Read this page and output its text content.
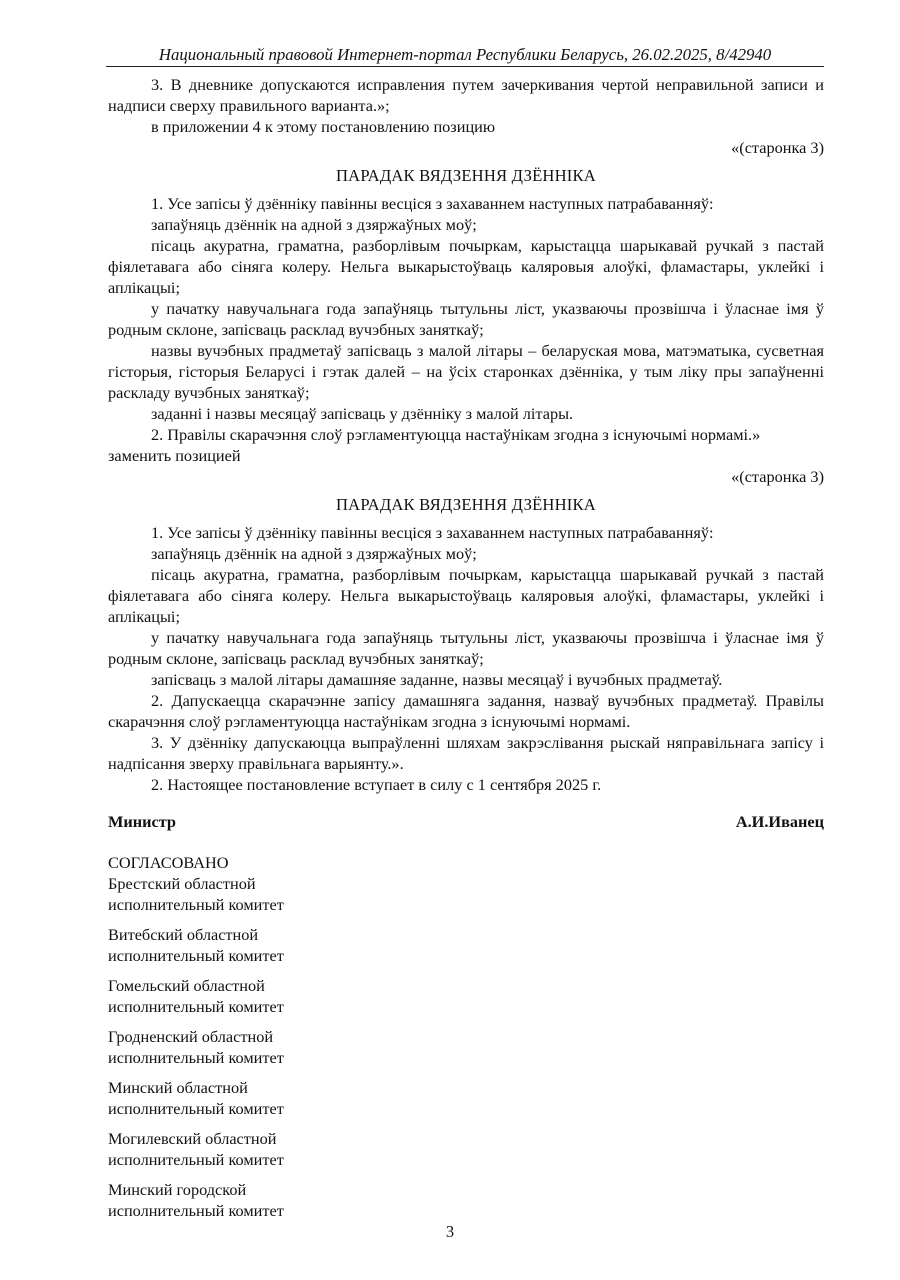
Национальный правовой Интернет-портал Республики Беларусь, 26.02.2025, 8/42940

3. В дневнике допускаются исправления путем зачеркивания чертой неправильной записи и надписи сверху правильного варианта.»;

в приложении 4 к этому постановлению позицию

«(старонка 3)

ПАРАДАК ВЯДЗЕННЯ ДЗЁННІКА

1. Усе запісы ў дзённіку павінны весціся з захаваннем наступных патрабаванняў:

запаўняць дзённік на адной з дзяржаўных моў;

пісаць акуратна, граматна, разборлівым почыркам, карыстацца шарыкавай ручкай з пастай фіялетавага або сіняга колеру. Нельга выкарыстоўваць каляровыя алоўкі, фламастары, уклейкі і аплікацыі;

у пачатку навучальнага года запаўняць тытульны ліст, указваючы прозвішча і ўласнае імя ў родным склоне, запісваць расклад вучэбных заняткаў;

назвы вучэбных прадметаў запісваць з малой літары – беларуская мова, матэматыка, сусветная гісторыя, гісторыя Беларусі і гэтак далей – на ўсіх старонках дзённіка, у тым ліку пры запаўненні раскладу вучэбных заняткаў;

заданні і назвы месяцаў запісваць у дзённіку з малой літары.

2. Правілы скарачэння слоў рэгламентуюцца настаўнікам згодна з існуючымі нормамі.»

заменить позицией

«(старонка 3)

ПАРАДАК ВЯДЗЕННЯ ДЗЁННІКА

1. Усе запісы ў дзённіку павінны весціся з захаваннем наступных патрабаванняў:

запаўняць дзённік на адной з дзяржаўных моў;

пісаць акуратна, граматна, разборлівым почыркам, карыстацца шарыкавай ручкай з пастай фіялетавага або сіняга колеру. Нельга выкарыстоўваць каляровыя алоўкі, фламастары, уклейкі і аплікацыі;

у пачатку навучальнага года запаўняць тытульны ліст, указваючы прозвішча і ўласнае імя ў родным склоне, запісваць расклад вучэбных заняткаў;

запісваць з малой літары дамашняе заданне, назвы месяцаў і вучэбных прадметаў.

2. Дапускаецца скарачэнне запісу дамашняга задання, назваў вучэбных прадметаў. Правілы скарачэння слоў рэгламентуюцца настаўнікам згодна з існуючымі нормамі.

3. У дзённіку дапускаюцца выпраўленні шляхам закрэслівання рыскай няправільнага запісу і надпісання зверху правільнага варыянту.».

2. Настоящее постановление вступает в силу с 1 сентября 2025 г.

Министр	А.И.Иванец
СОГЛАСОВАНО
Брестский областной
исполнительный комитет
Витебский областной
исполнительный комитет
Гомельский областной
исполнительный комитет
Гродненский областной
исполнительный комитет
Минский областной
исполнительный комитет
Могилевский областной
исполнительный комитет
Минский городской
исполнительный комитет
3
